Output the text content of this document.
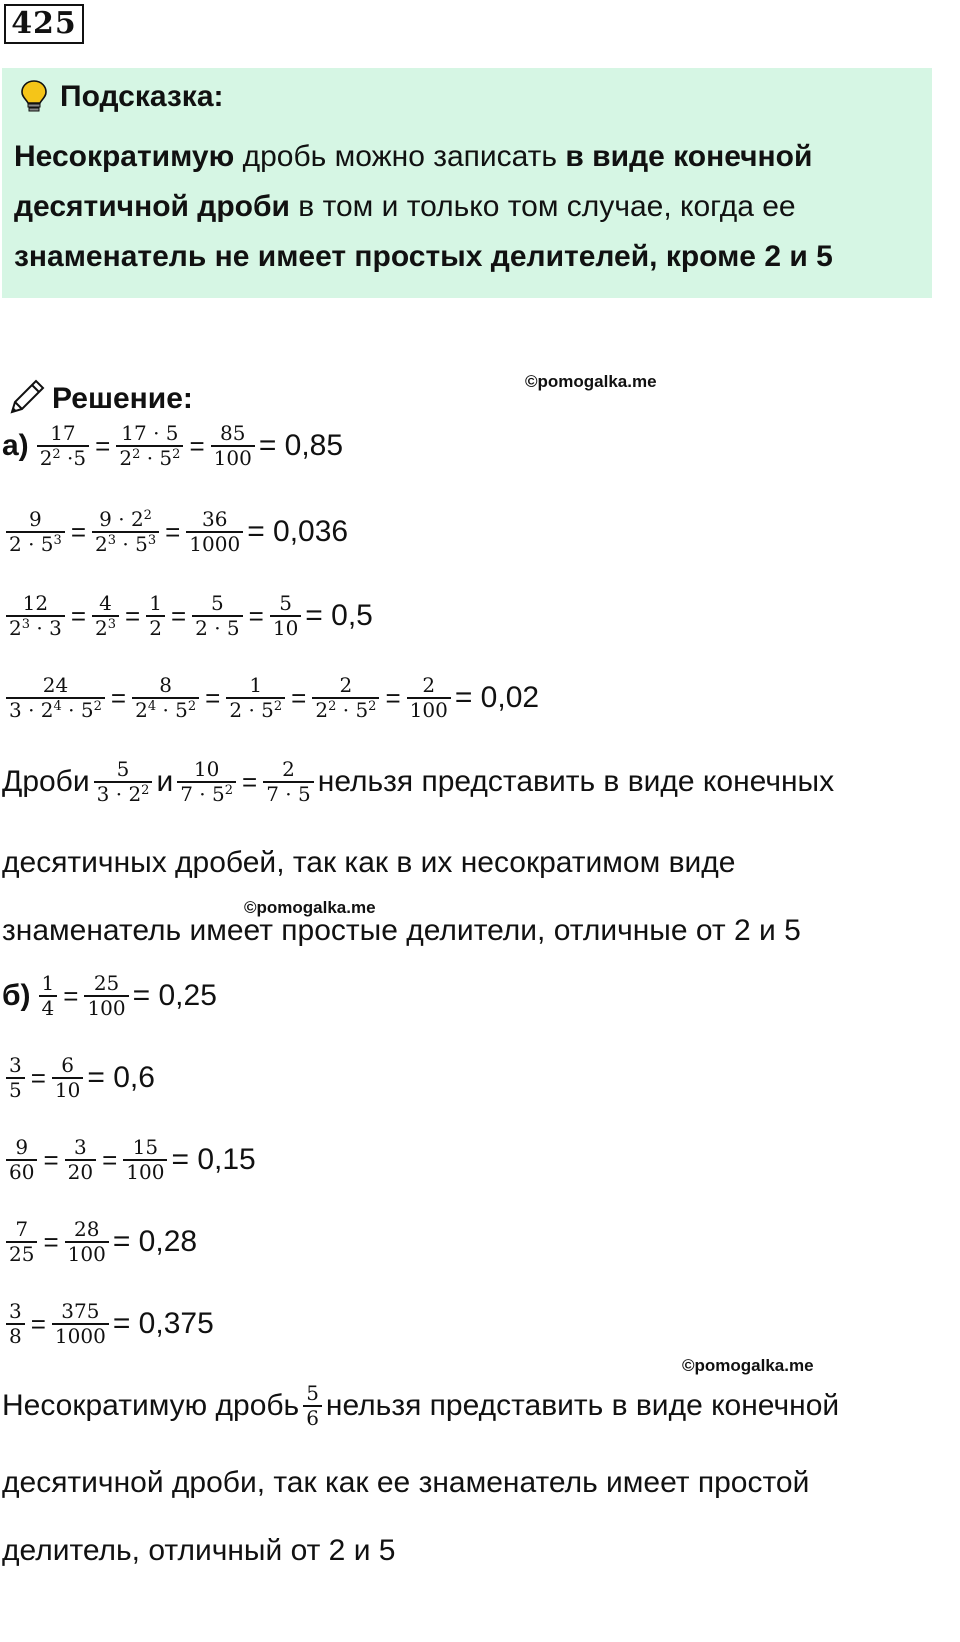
425
Подсказка:
Несократимую дробь можно записать в виде конечной
десятичной дроби в том и только том случае, когда ее
знаменатель не имеет простых делителей, кроме 2 и 5
Решение:
©pomogalka.me
$а) \frac{17}{2^2 \cdot 5} = \frac{17 \cdot 5}{2^2 \cdot 5^2} = \frac{85}{100} = 0,85$
$\frac{9}{2 \cdot 5^3} = \frac{9 \cdot 2^2}{2^3 \cdot 5^3} = \frac{36}{1000} = 0,036$
$\frac{12}{2^3 \cdot 3} = \frac{4}{2^3} = \frac{1}{2} = \frac{5}{2 \cdot 5} = \frac{5}{10} = 0,5$
$\frac{24}{3 \cdot 2^4 \cdot 5^2} = \frac{8}{2^4 \cdot 5^2} = \frac{1}{2 \cdot 5^2} = \frac{2}{2^2 \cdot 5^2} = \frac{2}{100} = 0,02$
Дроби $\frac{5}{3 \cdot 2^2}$ и $\frac{10}{7 \cdot 5^2} = \frac{2}{7 \cdot 5}$ нельзя представить в виде конечных
десятичных дробей, так как в их несократимом виде
©pomogalka.me
знаменатель имеет простые делители, отличные от 2 и 5
$б) \frac{1}{4} = \frac{25}{100} = 0,25$
$\frac{3}{5} = \frac{6}{10} = 0,6$
$\frac{9}{60} = \frac{3}{20} = \frac{15}{100} = 0,15$
$\frac{7}{25} = \frac{28}{100} = 0,28$
$\frac{3}{8} = \frac{375}{1000} = 0,375$
©pomogalka.me
Несократимую дробь $\frac{5}{6}$ нельзя представить в виде конечной
десятичной дроби, так как ее знаменатель имеет простой
делитель, отличный от 2 и 5
